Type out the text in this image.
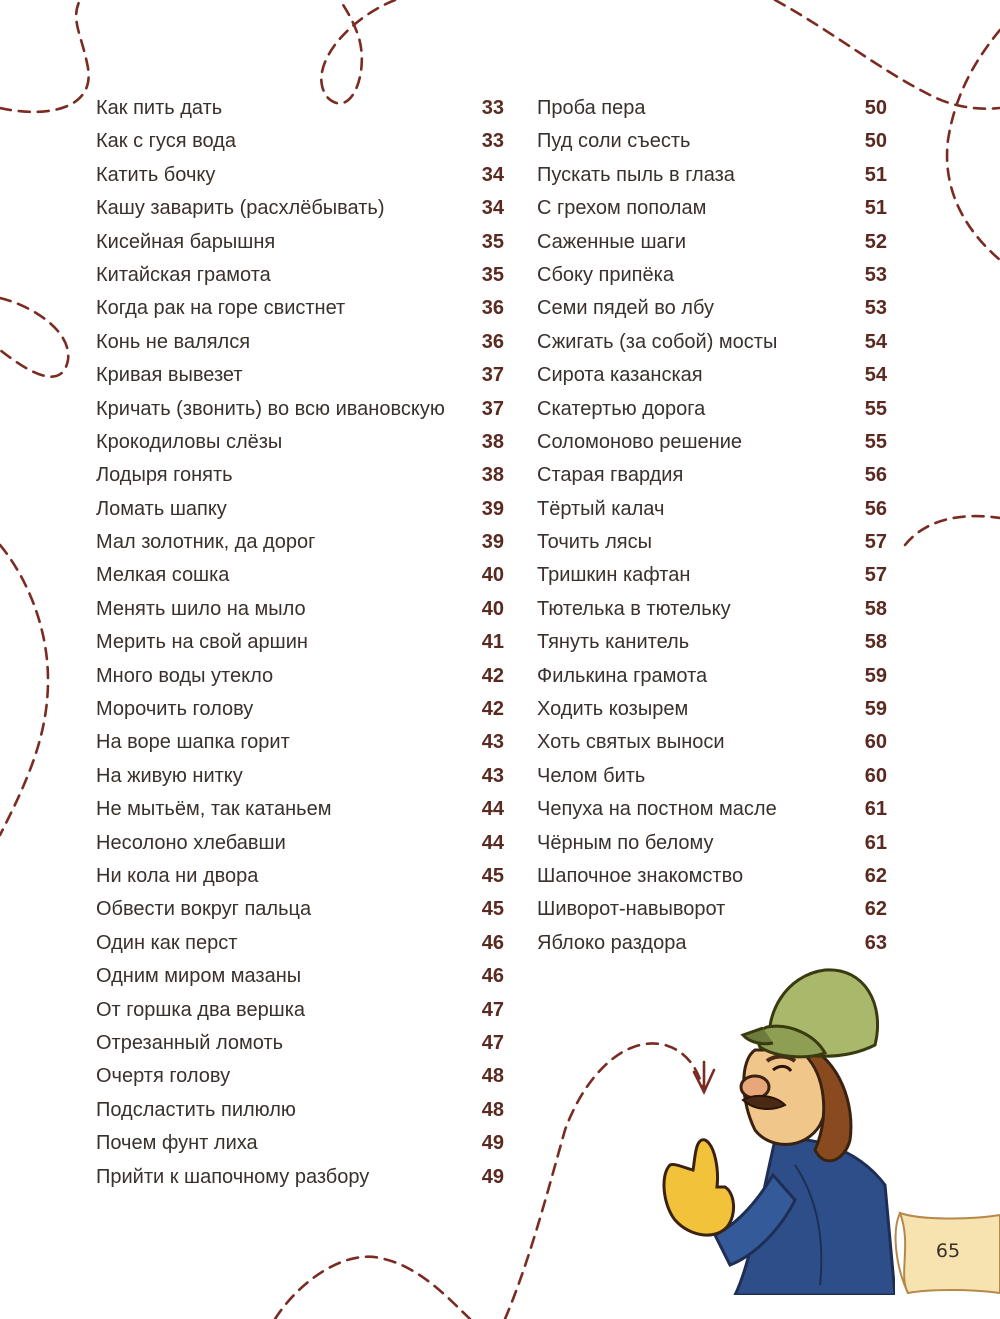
Как пить дать	33
Как с гуся вода	33
Катить бочку	34
Кашу заварить (расхлёбывать)	34
Кисейная барышня	35
Китайская грамота	35
Когда рак на горе свистнет	36
Конь не валялся	36
Кривая вывезет	37
Кричать (звонить) во всю ивановскую 37
Крокодиловы слёзы	38
Лодыря гонять	38
Ломать шапку	39
Мал золотник, да дорог	39
Мелкая сошка	40
Менять шило на мыло	40
Мерить на свой аршин	41
Много воды утекло	42
Морочить голову	42
На воре шапка горит	43
На живую нитку	43
Не мытьём, так катаньем	44
Несолоно хлебавши	44
Ни кола ни двора	45
Обвести вокруг пальца	45
Один как перст	46
Одним миром мазаны	46
От горшка два вершка	47
Отрезанный ломоть	47
Очертя голову	48
Подсластить пилюлю	48
Почем фунт лиха	49
Прийти к шапочному разбору	49
Проба пера	50
Пуд соли съесть	50
Пускать пыль в глаза	51
С грехом пополам	51
Саженные шаги	52
Сбоку припёка	53
Семи пядей во лбу	53
Сжигать (за собой) мосты	54
Сирота казанская	54
Скатертью дорога	55
Соломоново решение	55
Старая гвардия	56
Тёртый калач	56
Точить лясы	57
Тришкин кафтан	57
Тютелька в тютельку	58
Тянуть канитель	58
Филькина грамота	59
Ходить козырем	59
Хоть святых выноси	60
Челом бить	60
Чепуха на постном масле	61
Чёрным по белому	61
Шапочное знакомство	62
Шиворот-навыворот	62
Яблоко раздора	63
65
